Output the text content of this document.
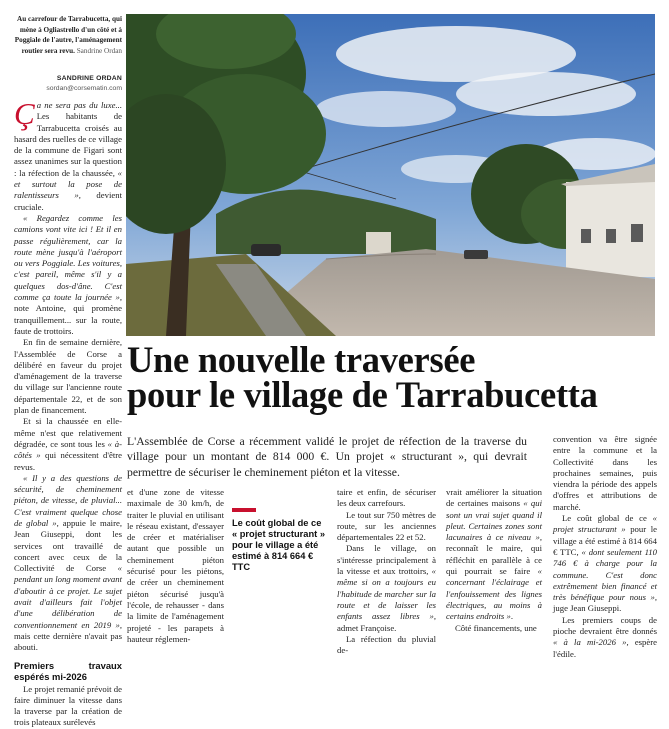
Au carrefour de Tarrabucetta, qui mène à Ogliastrello d'un côté et à Poggiale de l'autre, l'aménagement routier sera revu. Sandrine Ordan
SANDRINE ORDAN
sordan@corsematin.com

Ça ne sera pas du luxe... Les habitants de Tarrabucetta croisés au hasard des ruelles de ce village de la commune de Figari sont assez unanimes sur la question : la réfection de la chaussée, « et surtout la pose de ralentisseurs », devient cruciale.

« Regardez comme les camions vont vite ici ! Et il en passe régulièrement, car la route mène jusqu'à l'aéroport ou vers Poggiale. Les voitures, c'est pareil, même s'il y a quelques dos-d'âne. C'est comme ça toute la journée », note Antoine, qui promène tranquillement... sur la route, faute de trottoirs.

En fin de semaine dernière, l'Assemblée de Corse a délibéré en faveur du projet d'aménagement de la traverse du village sur l'ancienne route départementale 22, et de son plan de financement.

Et si la chaussée en elle-même n'est que relativement dégradée, ce sont tous les « à-côtés » qui nécessitent d'être revus.

« Il y a des questions de sécurité, de cheminement piéton, de vitesse, de pluvial... C'est vraiment quelque chose de global », appuie le maire, Jean Giuseppi, dont les services ont travaillé de concert avec ceux de la Collectivité de Corse « pendant un long moment avant d'aboutir à ce projet. Le sujet avait d'ailleurs fait l'objet d'une délibération de conventionnement en 2019 », mais cette dernière n'avait pas abouti.

Premiers travaux espérés mi-2026

Le projet remanié prévoit de faire diminuer la vitesse dans la traverse par la création de trois plateaux surélevés

Une nouvelle traversée
pour le village de Tarrabucetta
L'Assemblée de Corse a récemment validé le projet de réfection de la traverse du village pour un montant de 814 000 €. Un projet « structurant », qui devrait permettre de sécuriser le cheminement piéton et la vitesse.

et d'une zone de vitesse maximale de 30 km/h, de traiter le pluvial en utilisant le réseau existant, d'essayer de créer et matérialiser autant que possible un cheminement piéton sécurisé pour les piétons, de créer un cheminement piéton sécurisé jusqu'à l'école, de rehausser - dans la limite de l'aménagement projeté - les parapets à hauteur réglemen-

Le coût global de ce « projet structurant » pour le village a été estimé à 814 664 € TTC

taire et enfin, de sécuriser les deux carrefours.

Le tout sur 750 mètres de route, sur les anciennes départementales 22 et 52.

Dans le village, on s'intéresse principalement à la vitesse et aux trottoirs, « même si on a toujours eu l'habitude de marcher sur la route et de laisser les enfants assez libres », admet Françoise.

La réfection du pluvial de-

vrait améliorer la situation de certaines maisons « qui sont un vrai sujet quand il pleut. Certaines zones sont lacunaires à ce niveau », reconnaît le maire, qui réfléchit en parallèle à ce qui pourrait se faire « concernant l'éclairage et l'enfouissement des lignes électriques, au moins à certains endroits ».

Côté financements, une

convention va être signée entre la commune et la Collectivité dans les prochaines semaines, puis viendra la période des appels d'offres et attributions de marché.

Le coût global de ce « projet structurant » pour le village a été estimé à 814 664 € TTC, « dont seulement 110 746 € à charge pour la commune. C'est donc extrêmement bien financé et très bénéfique pour nous », juge Jean Giuseppi.

Les premiers coups de pioche devraient être donnés « à la mi-2026 », espère l'édile.
